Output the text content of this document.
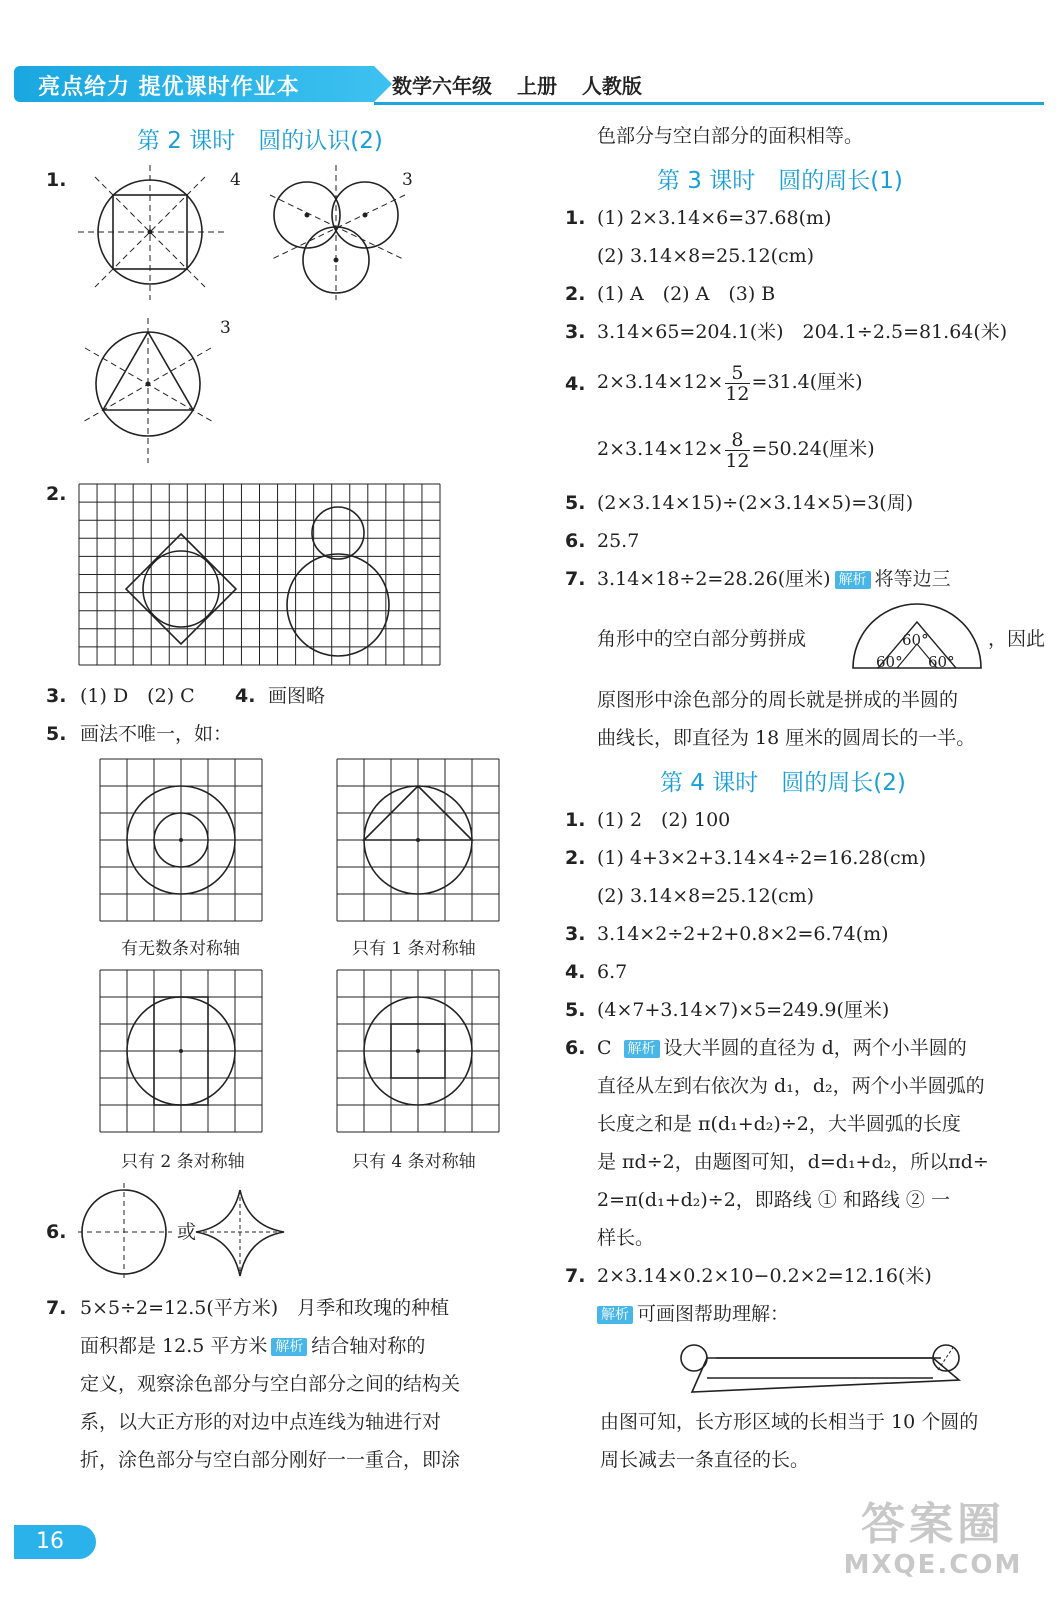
亮点给力 提优课时作业本	数学六年级 上册 人教版
第 2 课时　圆的认识(2)
1.	4	3
3
2.
3. (1) D　(2) C 4. 画图略
5. 画法不唯一，如：
有无数条对称轴	只有 1 条对称轴
只有 2 条对称轴	只有 4 条对称轴
6.	或
7. 5×5÷2=12.5(平方米)　月季和玫瑰的种植
面积都是 12.5 平方米 解析 结合轴对称的
定义，观察涂色部分与空白部分之间的结构关
系，以大正方形的对边中点连线为轴进行对
折，涂色部分与空白部分刚好一一重合，即涂
色部分与空白部分的面积相等。
第 3 课时　圆的周长(1)
1. (1) 2×3.14×6=37.68(m)
(2) 3.14×8=25.12(cm)
2. (1) A　(2) A　(3) B
3. 3.14×65=204.1(米)　204.1÷2.5=81.64(米)
4. $2\times 3.14\times 12\times \frac{5}{12} =31.4$(厘米)
$2\times 3.14\times 12\times \frac{8}{12} =50.24$(厘米)
5. (2×3.14×15)÷(2×3.14×5)=3(周)
6. 25.7
7. 3.14×18÷2=28.26(厘米) 解析 将等边三
角形中的空白部分剪拼成	60°
60° 60°
，因此
原图形中涂色部分的周长就是拼成的半圆的
曲线长，即直径为 18 厘米的圆周长的一半。
第 4 课时　圆的周长(2)
1. (1) 2　(2) 100
2. (1) 4+3×2+3.14×4÷2=16.28(cm)
(2) 3.14×8=25.12(cm)
3. 3.14×2÷2+2+0.8×2=6.74(m)
4. 6.7
5. (4×7+3.14×7)×5=249.9(厘米)
6. C 解析 设大半圆的直径为 d，两个小半圆的
直径从左到右依次为 d₁，d₂，两个小半圆弧的
长度之和是 π(d₁+d₂)÷2，大半圆弧的长度
是 πd÷2，由题图可知，d=d₁+d₂，所以πd÷
2=π(d₁+d₂)÷2，即路线 ① 和路线 ② 一
样长。
7. 2×3.14×0.2×10−0.2×2=12.16(米)
解析 可画图帮助理解：
由图可知，长方形区域的长相当于 10 个圆的
周长减去一条直径的长。
16	答案圈
MXQE.COM
